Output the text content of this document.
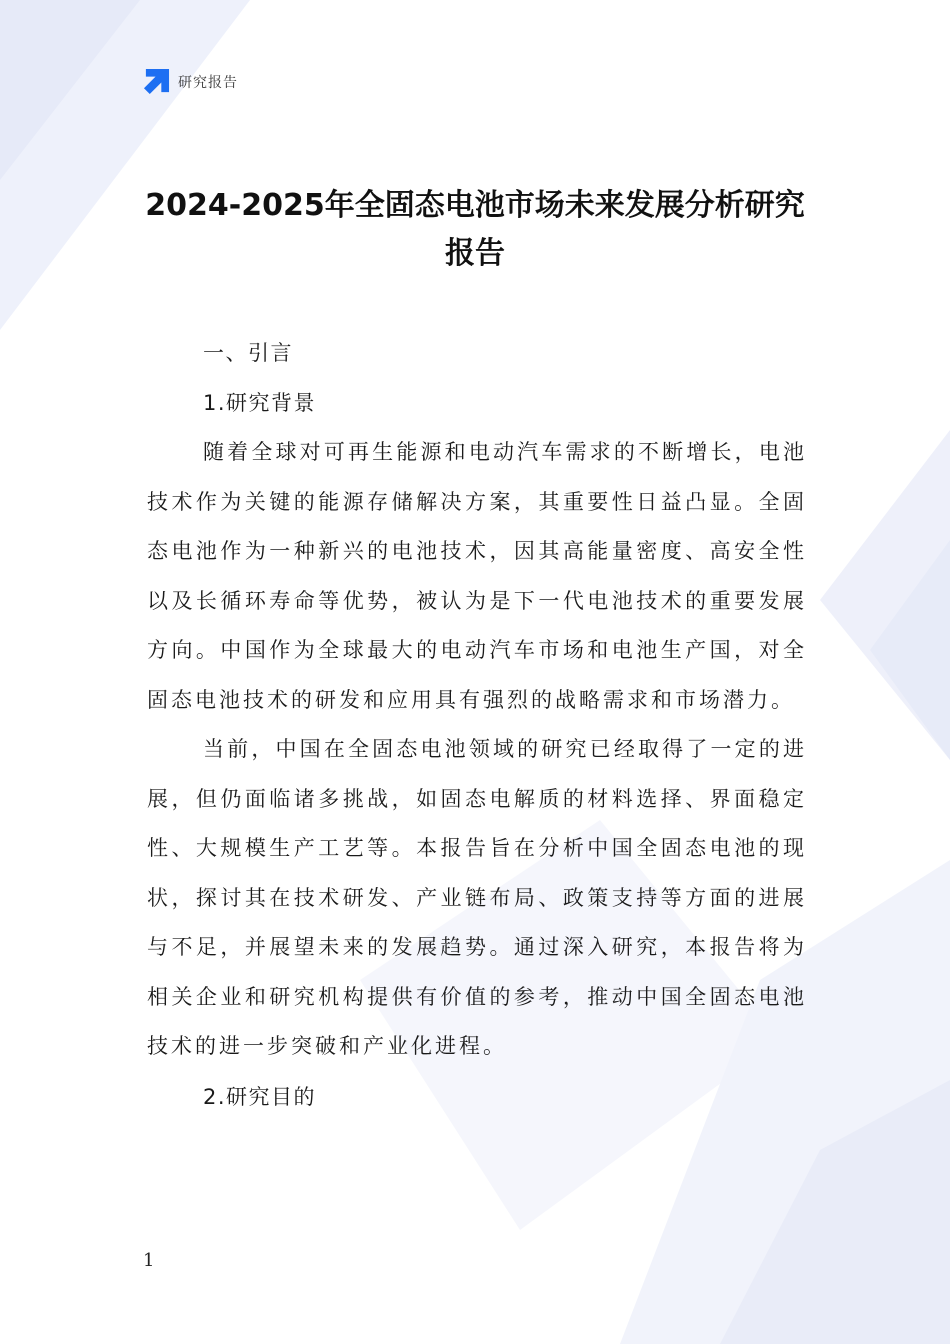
研究报告
2024-2025年全固态电池市场未来发展分析研究报告

一、引言

1.研究背景

随着全球对可再生能源和电动汽车需求的不断增长，电池技术作为关键的能源存储解决方案，其重要性日益凸显。全固态电池作为一种新兴的电池技术，因其高能量密度、高安全性以及长循环寿命等优势，被认为是下一代电池技术的重要发展方向。中国作为全球最大的电动汽车市场和电池生产国，对全固态电池技术的研发和应用具有强烈的战略需求和市场潜力。

当前，中国在全固态电池领域的研究已经取得了一定的进展，但仍面临诸多挑战，如固态电解质的材料选择、界面稳定性、大规模生产工艺等。本报告旨在分析中国全固态电池的现状，探讨其在技术研发、产业链布局、政策支持等方面的进展与不足，并展望未来的发展趋势。通过深入研究，本报告将为相关企业和研究机构提供有价值的参考，推动中国全固态电池技术的进一步突破和产业化进程。

2.研究目的

1
